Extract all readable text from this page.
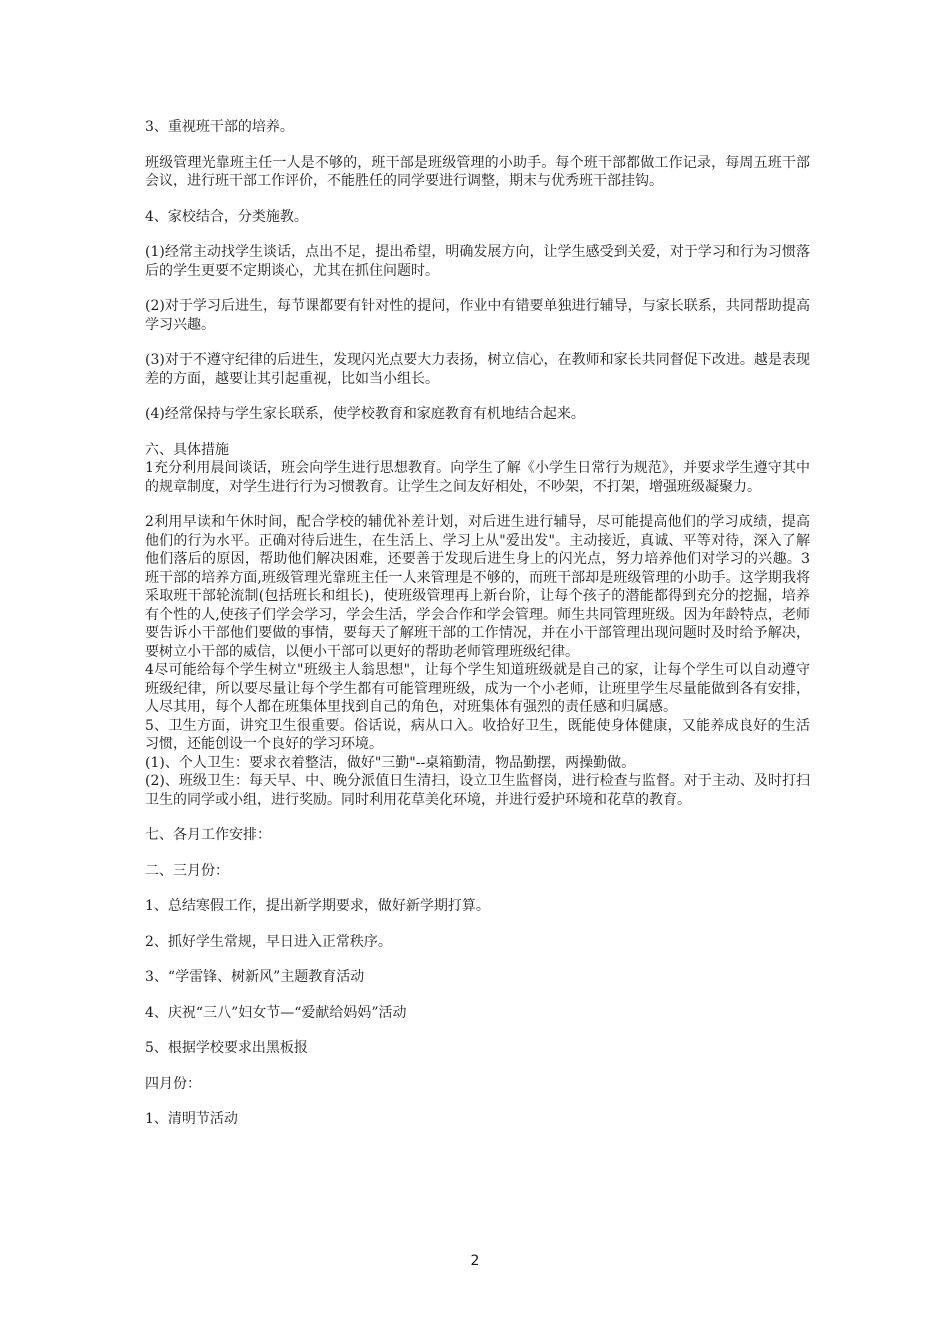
3、重视班干部的培养。

班级管理光靠班主任一人是不够的，班干部是班级管理的小助手。每个班干部都做工作记录，每周五班干部会议，进行班干部工作评价，不能胜任的同学要进行调整，期末与优秀班干部挂钩。

4、家校结合，分类施教。

(1)经常主动找学生谈话，点出不足，提出希望，明确发展方向，让学生感受到关爱，对于学习和行为习惯落后的学生更要不定期谈心，尤其在抓住问题时。

(2)对于学习后进生，每节课都要有针对性的提问，作业中有错要单独进行辅导，与家长联系，共同帮助提高学习兴趣。

(3)对于不遵守纪律的后进生，发现闪光点要大力表扬，树立信心，在教师和家长共同督促下改进。越是表现差的方面，越要让其引起重视，比如当小组长。

(4)经常保持与学生家长联系，使学校教育和家庭教育有机地结合起来。

六、具体措施

1充分利用晨间谈话，班会向学生进行思想教育。向学生了解《小学生日常行为规范》，并要求学生遵守其中的规章制度，对学生进行行为习惯教育。让学生之间友好相处，不吵架，不打架，增强班级凝聚力。

2利用早读和午休时间，配合学校的辅优补差计划，对后进生进行辅导，尽可能提高他们的学习成绩，提高他们的行为水平。正确对待后进生，在生活上、学习上从"爱出发"。主动接近，真诚、平等对待，深入了解他们落后的原因，帮助他们解决困难，还要善于发现后进生身上的闪光点，努力培养他们对学习的兴趣。3班干部的培养方面,班级管理光靠班主任一人来管理是不够的，而班干部却是班级管理的小助手。这学期我将采取班干部轮流制(包括班长和组长)，使班级管理再上新台阶，让每个孩子的潜能都得到充分的挖掘，培养有个性的人,使孩子们学会学习，学会生活，学会合作和学会管理。师生共同管理班级。因为年龄特点，老师要告诉小干部他们要做的事情，要每天了解班干部的工作情况，并在小干部管理出现问题时及时给予解决，要树立小干部的威信，以便小干部可以更好的帮助老师管理班级纪律。

4尽可能给每个学生树立"班级主人翁思想"，让每个学生知道班级就是自己的家，让每个学生可以自动遵守班级纪律，所以要尽量让每个学生都有可能管理班级，成为一个小老师，让班里学生尽量能做到各有安排，人尽其用，每个人都在班集体里找到自己的角色，对班集体有强烈的责任感和归属感。

5、卫生方面，讲究卫生很重要。俗话说，病从口入。收拾好卫生，既能使身体健康，又能养成良好的生活习惯，还能创设一个良好的学习环境。

(1)、个人卫生：要求衣着整洁，做好"三勤"--桌箱勤清，物品勤摆，两操勤做。

(2)、班级卫生：每天早、中、晚分派值日生清扫，设立卫生监督岗，进行检查与监督。对于主动、及时打扫卫生的同学或小组，进行奖励。同时利用花草美化环境，并进行爱护环境和花草的教育。

七、各月工作安排：

二、三月份：

1、总结寒假工作，提出新学期要求，做好新学期打算。

2、抓好学生常规，早日进入正常秩序。

3、“学雷锋、树新风”主题教育活动

4、庆祝“三八”妇女节—“爱献给妈妈”活动

5、根据学校要求出黑板报

四月份：

1、清明节活动

2
